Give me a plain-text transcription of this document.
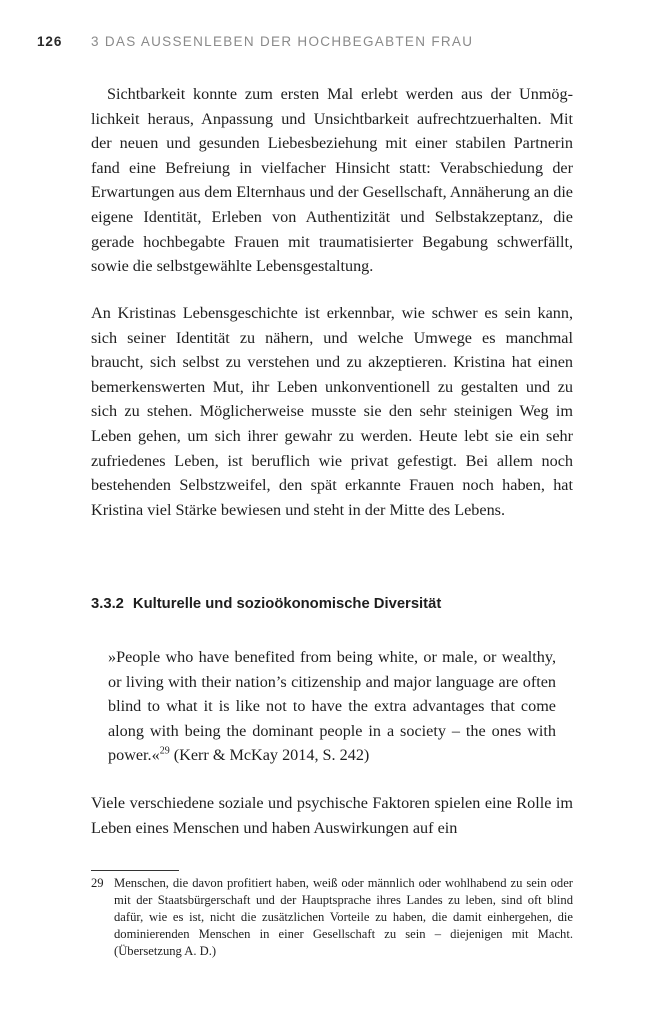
126 3 DAS AUSSENLEBEN DER HOCHBEGABTEN FRAU
Sichtbarkeit konnte zum ersten Mal erlebt werden aus der Unmöglichkeit heraus, Anpassung und Unsichtbarkeit aufrechtzuerhalten. Mit der neuen und gesunden Liebesbeziehung mit einer stabilen Partnerin fand eine Befreiung in vielfacher Hinsicht statt: Verabschiedung der Erwartungen aus dem Elternhaus und der Gesellschaft, Annäherung an die eigene Identität, Erleben von Authentizität und Selbstakzeptanz, die gerade hochbegabte Frauen mit traumatisierter Begabung schwerfällt, sowie die selbstgewählte Lebensgestaltung.
An Kristinas Lebensgeschichte ist erkennbar, wie schwer es sein kann, sich seiner Identität zu nähern, und welche Umwege es manchmal braucht, sich selbst zu verstehen und zu akzeptieren. Kristina hat einen bemerkenswerten Mut, ihr Leben unkonventionell zu gestalten und zu sich zu stehen. Möglicherweise musste sie den sehr steinigen Weg im Leben gehen, um sich ihrer gewahr zu werden. Heute lebt sie ein sehr zufriedenes Leben, ist beruflich wie privat gefestigt. Bei allem noch bestehenden Selbstzweifel, den spät erkannte Frauen noch haben, hat Kristina viel Stärke bewiesen und steht in der Mitte des Lebens.
3.3.2 Kulturelle und sozioökonomische Diversität
»People who have benefited from being white, or male, or wealthy, or living with their nation’s citizenship and major language are often blind to what it is like not to have the extra advantages that come along with being the dominant people in a society – the ones with power.«$^{29}$ (Kerr & McKay 2014, S. 242)
Viele verschiedene soziale und psychische Faktoren spielen eine Rolle im Leben eines Menschen und haben Auswirkungen auf ein
29 Menschen, die davon profitiert haben, weiß oder männlich oder wohlhabend zu sein oder mit der Staatsbürgerschaft und der Hauptsprache ihres Landes zu leben, sind oft blind dafür, wie es ist, nicht die zusätzlichen Vorteile zu haben, die damit einhergehen, die dominierenden Menschen in einer Gesellschaft zu sein – diejenigen mit Macht. (Übersetzung A. D.)
